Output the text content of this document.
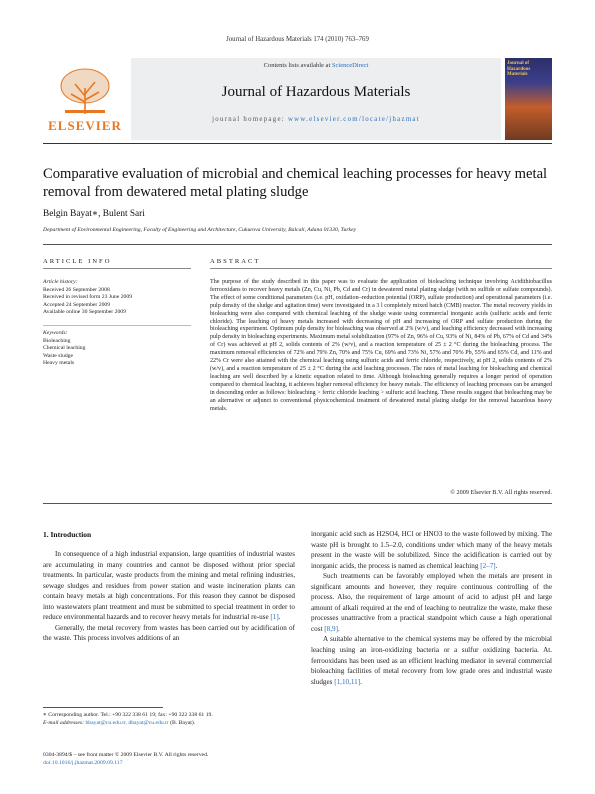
Journal of Hazardous Materials 174 (2010) 763–769
ELSEVIER
Contents lists available at ScienceDirect
Journal of Hazardous Materials
journal homepage: www.elsevier.com/locate/jhazmat
Journal of Hazardous Materials
Comparative evaluation of microbial and chemical leaching processes for heavy metal removal from dewatered metal plating sludge
Belgin Bayat∗, Bulent Sari
Department of Environmental Engineering, Faculty of Engineering and Architecture, Cukurova University, Balcali, Adana 01330, Turkey
ARTICLE INFO	ABSTRACT
Article history:
Received 26 September 2008
Received in revised form 23 June 2009
Accepted 24 September 2009
Available online 30 September 2009
Keywords:
Bioleaching
Chemical leaching
Waste sludge
Heavy metals
The purpose of the study described in this paper was to evaluate the application of bioleaching technique involving Acidithiobacillus ferrooxidans to recover heavy metals (Zn, Cu, Ni, Pb, Cd and Cr) in dewatered metal plating sludge (with no sulfide or sulfate compounds). The effect of some conditional parameters (i.e. pH, oxidation–reduction potential (ORP), sulfate production) and operational parameters (i.e. pulp density of the sludge and agitation time) were investigated in a 3 l completely mixed batch (CMB) reactor. The metal recovery yields in bioleaching were also compared with chemical leaching of the sludge waste using commercial inorganic acids (sulfuric acids and ferric chloride). The leaching of heavy metals increased with decreasing of pH and increasing of ORP and sulfate production during the bioleaching experiment. Optimum pulp density for bioleaching was observed at 2% (w/v), and leaching efficiency decreased with increasing pulp density in bioleaching experiments. Maximum metal solubilization (97% of Zn, 96% of Cu, 93% of Ni, 84% of Pb, 67% of Cd and 34% of Cr) was achieved at pH 2, solids contents of 2% (w/v), and a reaction temperature of 25 ± 2 °C during the bioleaching process. The maximum removal efficiencies of 72% and 79% Zn, 70% and 75% Cu, 69% and 73% Ni, 57% and 70% Pb, 55% and 65% Cd, and 11% and 22% Cr were also attained with the chemical leaching using sulfuric acids and ferric chloride, respectively, at pH 2, solids contents of 2% (w/v), and a reaction temperature of 25 ± 2 °C during the acid leaching processes. The rates of metal leaching for bioleaching and chemical leaching are well described by a kinetic equation related to time. Although bioleaching generally requires a longer period of operation compared to chemical leaching, it achieves higher removal efficiency for heavy metals. The efficiency of leaching processes can be arranged in descending order as follows: bioleaching > ferric chloride leaching > sulfuric acid leaching. These results suggest that bioleaching may be an alternative or adjunct to conventional physicochemical treatment of dewatered metal plating sludge for the removal hazardous heavy metals.
© 2009 Elsevier B.V. All rights reserved.
1. Introduction

In consequence of a high industrial expansion, large quantities of industrial wastes are accumulating in many countries and cannot be disposed without prior special treatments. In particular, waste products from the mining and metal refining industries, sewage sludges and residues from power station and waste incineration plants can contain heavy metals at high concentrations. For this reason they cannot be disposed into wastewaters plant treatment and must be submitted to special treatment in order to reduce environmental hazards and to recover heavy metals for industrial re-use [1].

Generally, the metal recovery from wastes has been carried out by acidification of the waste. This process involves additions of an

inorganic acid such as H2SO4, HCl or HNO3 to the waste followed by mixing. The waste pH is brought to 1.5–2.0, conditions under which many of the heavy metals present in the waste will be solubilized. Since the acidification is carried out by inorganic acids, the process is named as chemical leaching [2–7].

Such treatments can be favorably employed when the metals are present in significant amounts and however, they require continuous controlling of the process. Also, the requirement of large amount of acid to adjust pH and large amount of alkali required at the end of leaching to neutralize the waste, make these processes unattractive from a practical standpoint which cause a high operational cost [8,9].

A suitable alternative to the chemical systems may be offered by the microbial leaching using an iron-oxidizing bacteria or a sulfur oxidizing bacteria. At. ferrooxidans has been used as an efficient leaching mediator in several commercial bioleaching facilities of metal recovery from low grade ores and industrial waste sludges [1,10,11].

∗ Corresponding author. Tel.: +90 322 338 61 19; fax: +90 322 338 61 19.
E-mail addresses: bbayat@cu.edu.tr, dbayat@cu.edu.tr (B. Bayat).
0304-3894/$ – see front matter © 2009 Elsevier B.V. All rights reserved.
doi:10.1016/j.jhazmat.2009.09.117
